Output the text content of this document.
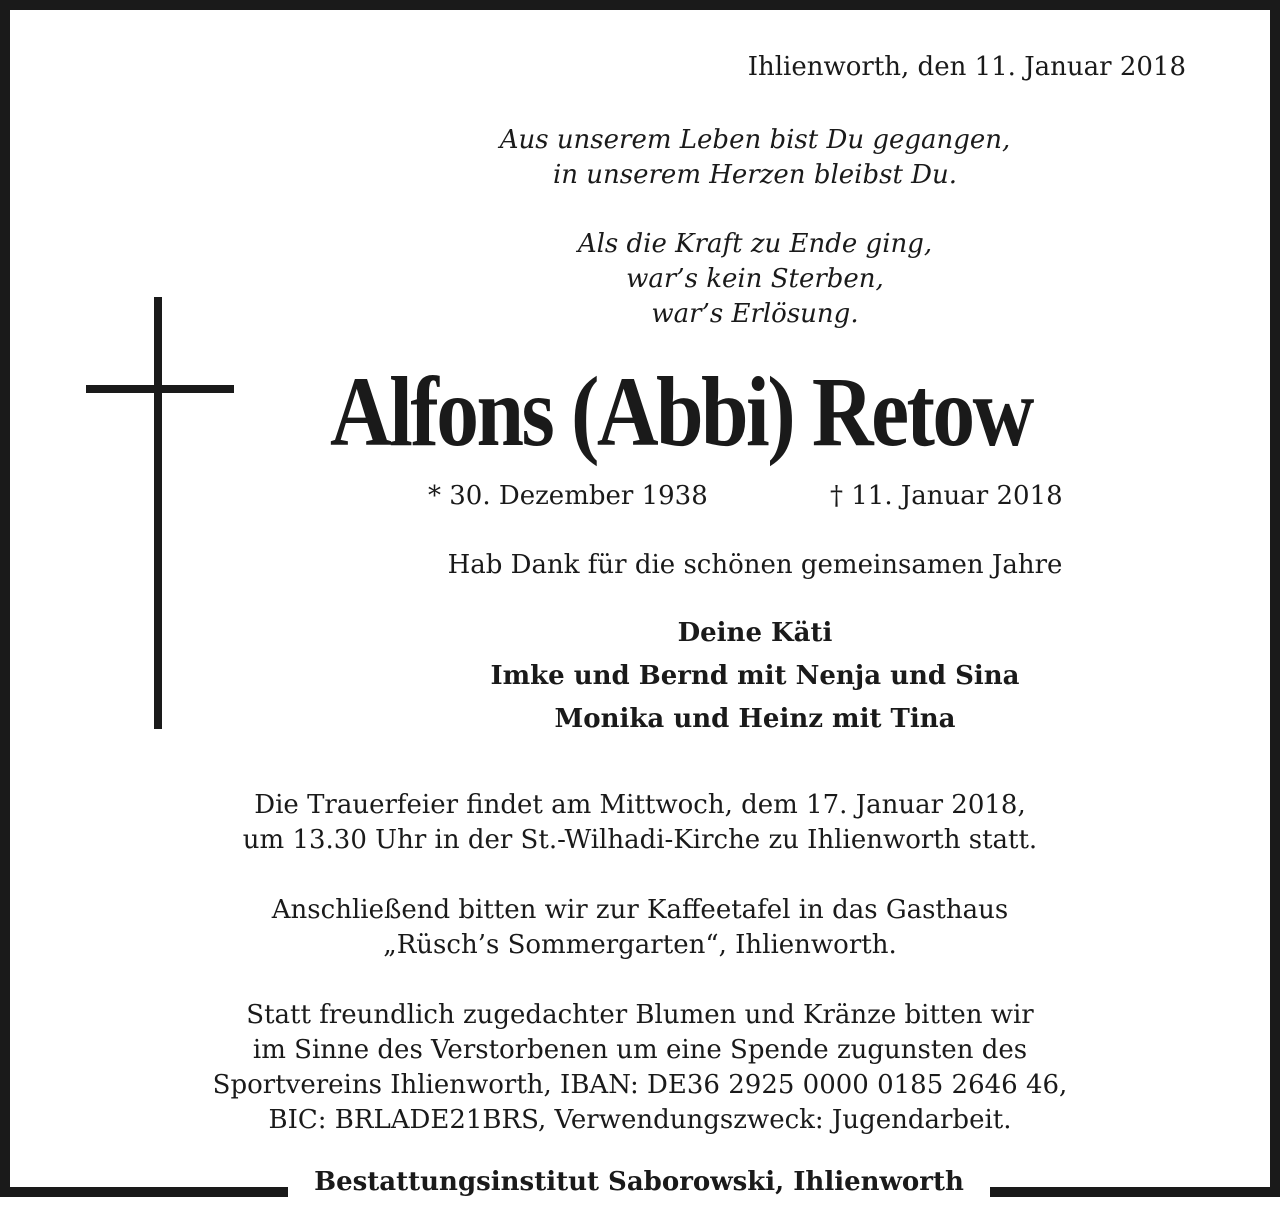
Ihlienworth, den 11. Januar 2018
Aus unserem Leben bist Du gegangen,
in unserem Herzen bleibst Du.
Als die Kraft zu Ende ging,
war’s kein Sterben,
war’s Erlösung.
Alfons (Abbi) Retow
* 30. Dezember 1938	† 11. Januar 2018
Hab Dank für die schönen gemeinsamen Jahre
Deine Käti
Imke und Bernd mit Nenja und Sina
Monika und Heinz mit Tina
Die Trauerfeier findet am Mittwoch, dem 17. Januar 2018,
um 13.30 Uhr in der St.-Wilhadi-Kirche zu Ihlienworth statt.
Anschließend bitten wir zur Kaffeetafel in das Gasthaus
„Rüsch’s Sommergarten“, Ihlienworth.
Statt freundlich zugedachter Blumen und Kränze bitten wir
im Sinne des Verstorbenen um eine Spende zugunsten des
Sportvereins Ihlienworth, IBAN: DE36 2925 0000 0185 2646 46,
BIC: BRLADE21BRS, Verwendungszweck: Jugendarbeit.
Bestattungsinstitut Saborowski, Ihlienworth
